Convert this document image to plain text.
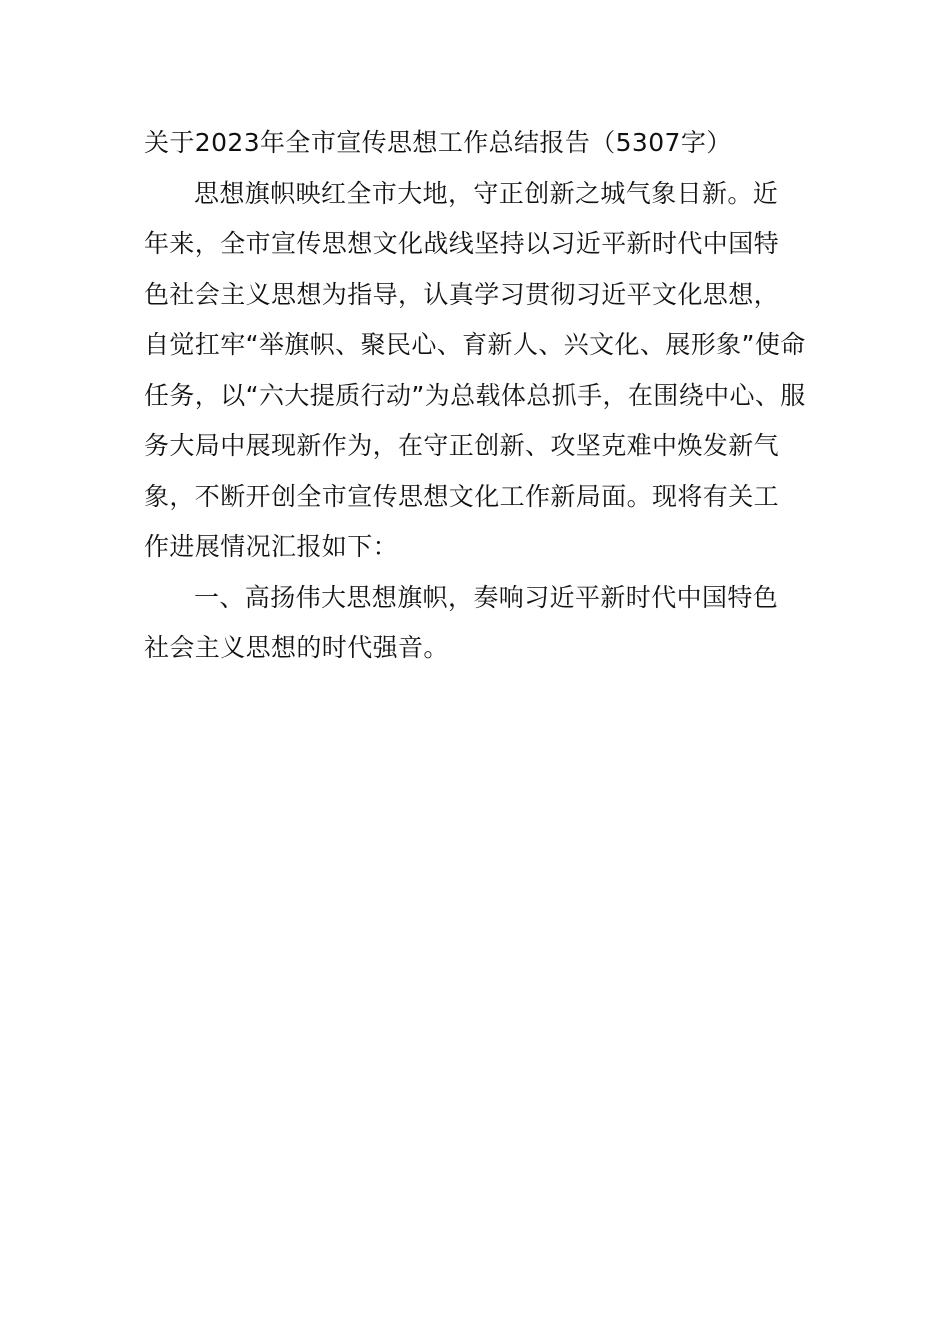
关于2023年全市宣传思想工作总结报告（5307字）
思想旗帜映红全市大地，守正创新之城气象日新。近
年来，全市宣传思想文化战线坚持以习近平新时代中国特
色社会主义思想为指导，认真学习贯彻习近平文化思想，
自觉扛牢“举旗帜、聚民心、育新人、兴文化、展形象”使命
任务，以“六大提质行动”为总载体总抓手，在围绕中心、服
务大局中展现新作为，在守正创新、攻坚克难中焕发新气
象，不断开创全市宣传思想文化工作新局面。现将有关工
作进展情况汇报如下：
一、高扬伟大思想旗帜，奏响习近平新时代中国特色
社会主义思想的时代强音。
